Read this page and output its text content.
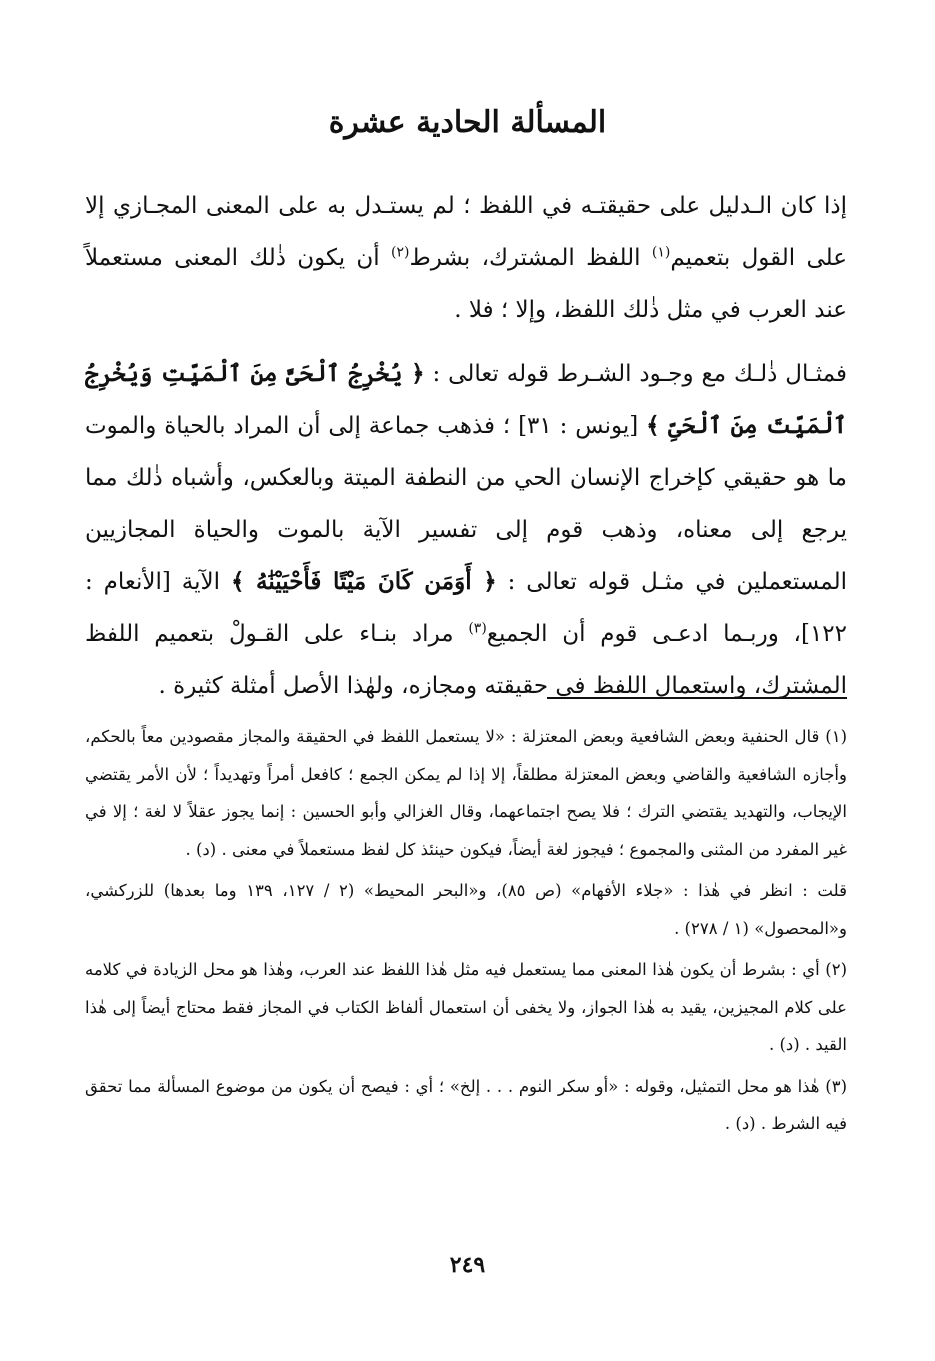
المسألة الحادية عشرة

إذا كان الـدليل على حقيقتـه في اللفظ ؛ لم يستـدل به على المعنى المجـازي إلا على القول بتعميم$^{(١)}$ اللفظ المشترك، بشرط$^{(٢)}$ أن يكون ذٰلك المعنى مستعملاً عند العرب في مثل ذٰلك اللفظ، وإلا ؛ فلا .

فمثـال ذٰلـك مع وجـود الشـرط قوله تعالى : ﴿ يُخْرِجُ ٱلْحَىَّ مِنَ ٱلْمَيِّتِ وَيُخْرِجُ ٱلْمَيِّتَ مِنَ ٱلْحَىِّ ﴾ [يونس : ٣١] ؛ فذهب جماعة إلى أن المراد بالحياة والموت ما هو حقيقي كإخراج الإنسان الحي من النطفة الميتة وبالعكس، وأشباه ذٰلك مما يرجع إلى معناه، وذهب قوم إلى تفسير الآية بالموت والحياة المجازيين المستعملين في مثـل قوله تعالى : ﴿ أَوَمَن كَانَ مَيْتًا فَأَحْيَيْنَٰهُ ﴾ الآية [الأنعام : ١٢٢]، وربـما ادعـى قوم أن الجميع$^{(٣)}$ مراد بنـاء على القـولْ بتعميم اللفظ المشترك، واستعمال اللفظ في حقيقته ومجازه، ولهٰذا الأصل أمثلة كثيرة .

(١) قال الحنفية وبعض الشافعية وبعض المعتزلة : «لا يستعمل اللفظ في الحقيقة والمجاز مقصودين معاً بالحكم، وأجازه الشافعية والقاضي وبعض المعتزلة مطلقاً، إلا إذا لم يمكن الجمع ؛ كافعل أمراً وتهديداً ؛ لأن الأمر يقتضي الإيجاب، والتهديد يقتضي الترك ؛ فلا يصح اجتماعهما، وقال الغزالي وأبو الحسين : إنما يجوز عقلاً لا لغة ؛ إلا في غير المفرد من المثنى والمجموع ؛ فيجوز لغة أيضاً، فيكون حينئذ كل لفظ مستعملاً في معنى . (د) .

قلت : انظر في هٰذا : «جلاء الأفهام» (ص ٨٥)، و«البحر المحيط» (٢ / ١٢٧، ١٣٩ وما بعدها) للزركشي، و«المحصول» (١ / ٢٧٨) .

(٢) أي : بشرط أن يكون هٰذا المعنى مما يستعمل فيه مثل هٰذا اللفظ عند العرب، وهٰذا هو محل الزيادة في كلامه على كلام المجيزين، يقيد به هٰذا الجواز، ولا يخفى أن استعمال ألفاظ الكتاب في المجاز فقط محتاج أيضاً إلى هٰذا القيد . (د) .

(٣) هٰذا هو محل التمثيل، وقوله : «أو سكر النوم . . . إلخ» ؛ أي : فيصح أن يكون من موضوع المسألة مما تحقق فيه الشرط . (د) .

٢٤٩
